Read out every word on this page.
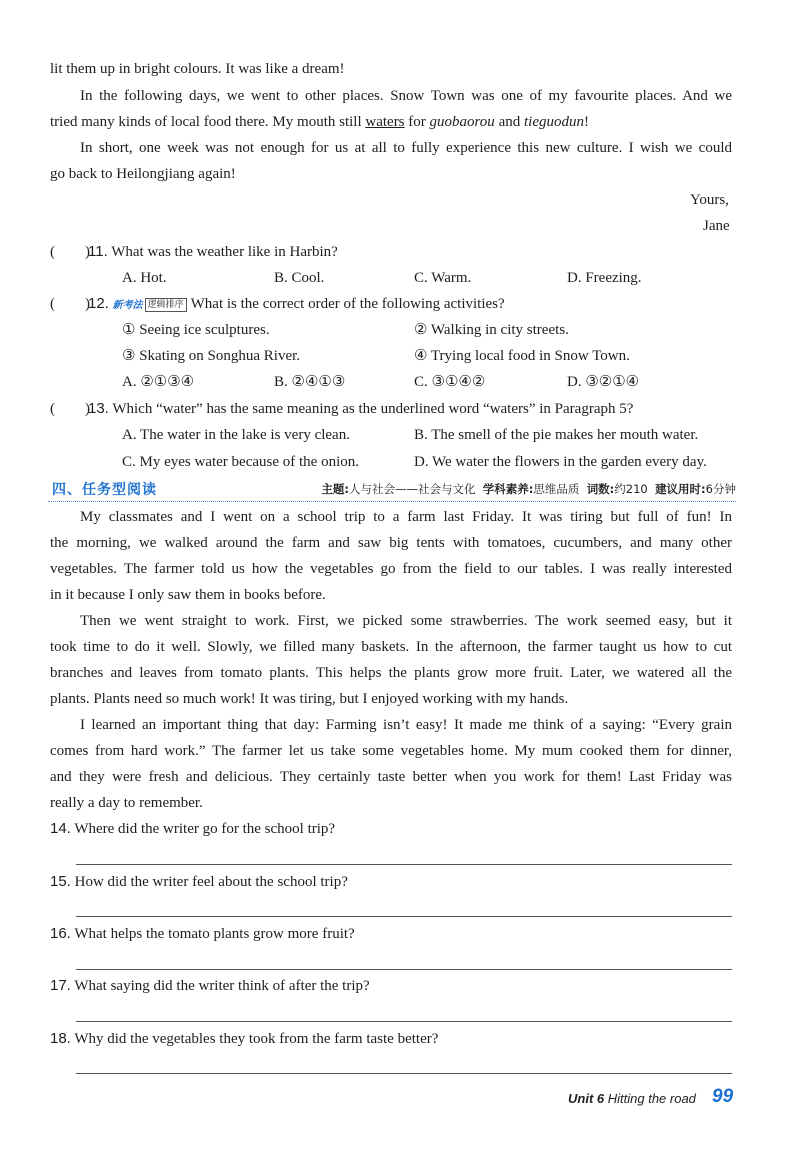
lit them up in bright colours. It was like a dream!
In the following days, we went to other places. Snow Town was one of my favourite places. And we
tried many kinds of local food there. My mouth still waters for guobaorou and tieguodun!
In short, one week was not enough for us at all to fully experience this new culture. I wish we could
go back to Heilongjiang again!
Yours,
Jane
(　　)
11. What was the weather like in Harbin?
A. Hot.	B. Cool.	C. Warm.	D. Freezing.
(　　)
12. 新考法 逻辑排序 What is the correct order of the following activities?
① Seeing ice sculptures.	② Walking in city streets.
③ Skating on Songhua River.	④ Trying local food in Snow Town.
A. ②①③④	B. ②④①③	C. ③①④②	D. ③②①④
(　　)
13. Which “water” has the same meaning as the underlined word “waters” in Paragraph 5?
A. The water in the lake is very clean.	B. The smell of the pie makes her mouth water.
C. My eyes water because of the onion.	D. We water the flowers in the garden every day.
四、任务型阅读	主题:人与社会——社会与文化 学科素养:思维品质 词数:约210 建议用时:6分钟
My classmates and I went on a school trip to a farm last Friday. It was tiring but full of fun! In
the morning, we walked around the farm and saw big tents with tomatoes, cucumbers, and many other
vegetables. The farmer told us how the vegetables go from the field to our tables. I was really interested
in it because I only saw them in books before.
Then we went straight to work. First, we picked some strawberries. The work seemed easy, but it
took time to do it well. Slowly, we filled many baskets. In the afternoon, the farmer taught us how to cut
branches and leaves from tomato plants. This helps the plants grow more fruit. Later, we watered all the
plants. Plants need so much work! It was tiring, but I enjoyed working with my hands.
I learned an important thing that day: Farming isn’t easy! It made me think of a saying: “Every grain
comes from hard work.” The farmer let us take some vegetables home. My mum cooked them for dinner,
and they were fresh and delicious. They certainly taste better when you work for them! Last Friday was
really a day to remember.
14. Where did the writer go for the school trip?
15. How did the writer feel about the school trip?
16. What helps the tomato plants grow more fruit?
17. What saying did the writer think of after the trip?
18. Why did the vegetables they took from the farm taste better?
Unit 6 Hitting the road 99
